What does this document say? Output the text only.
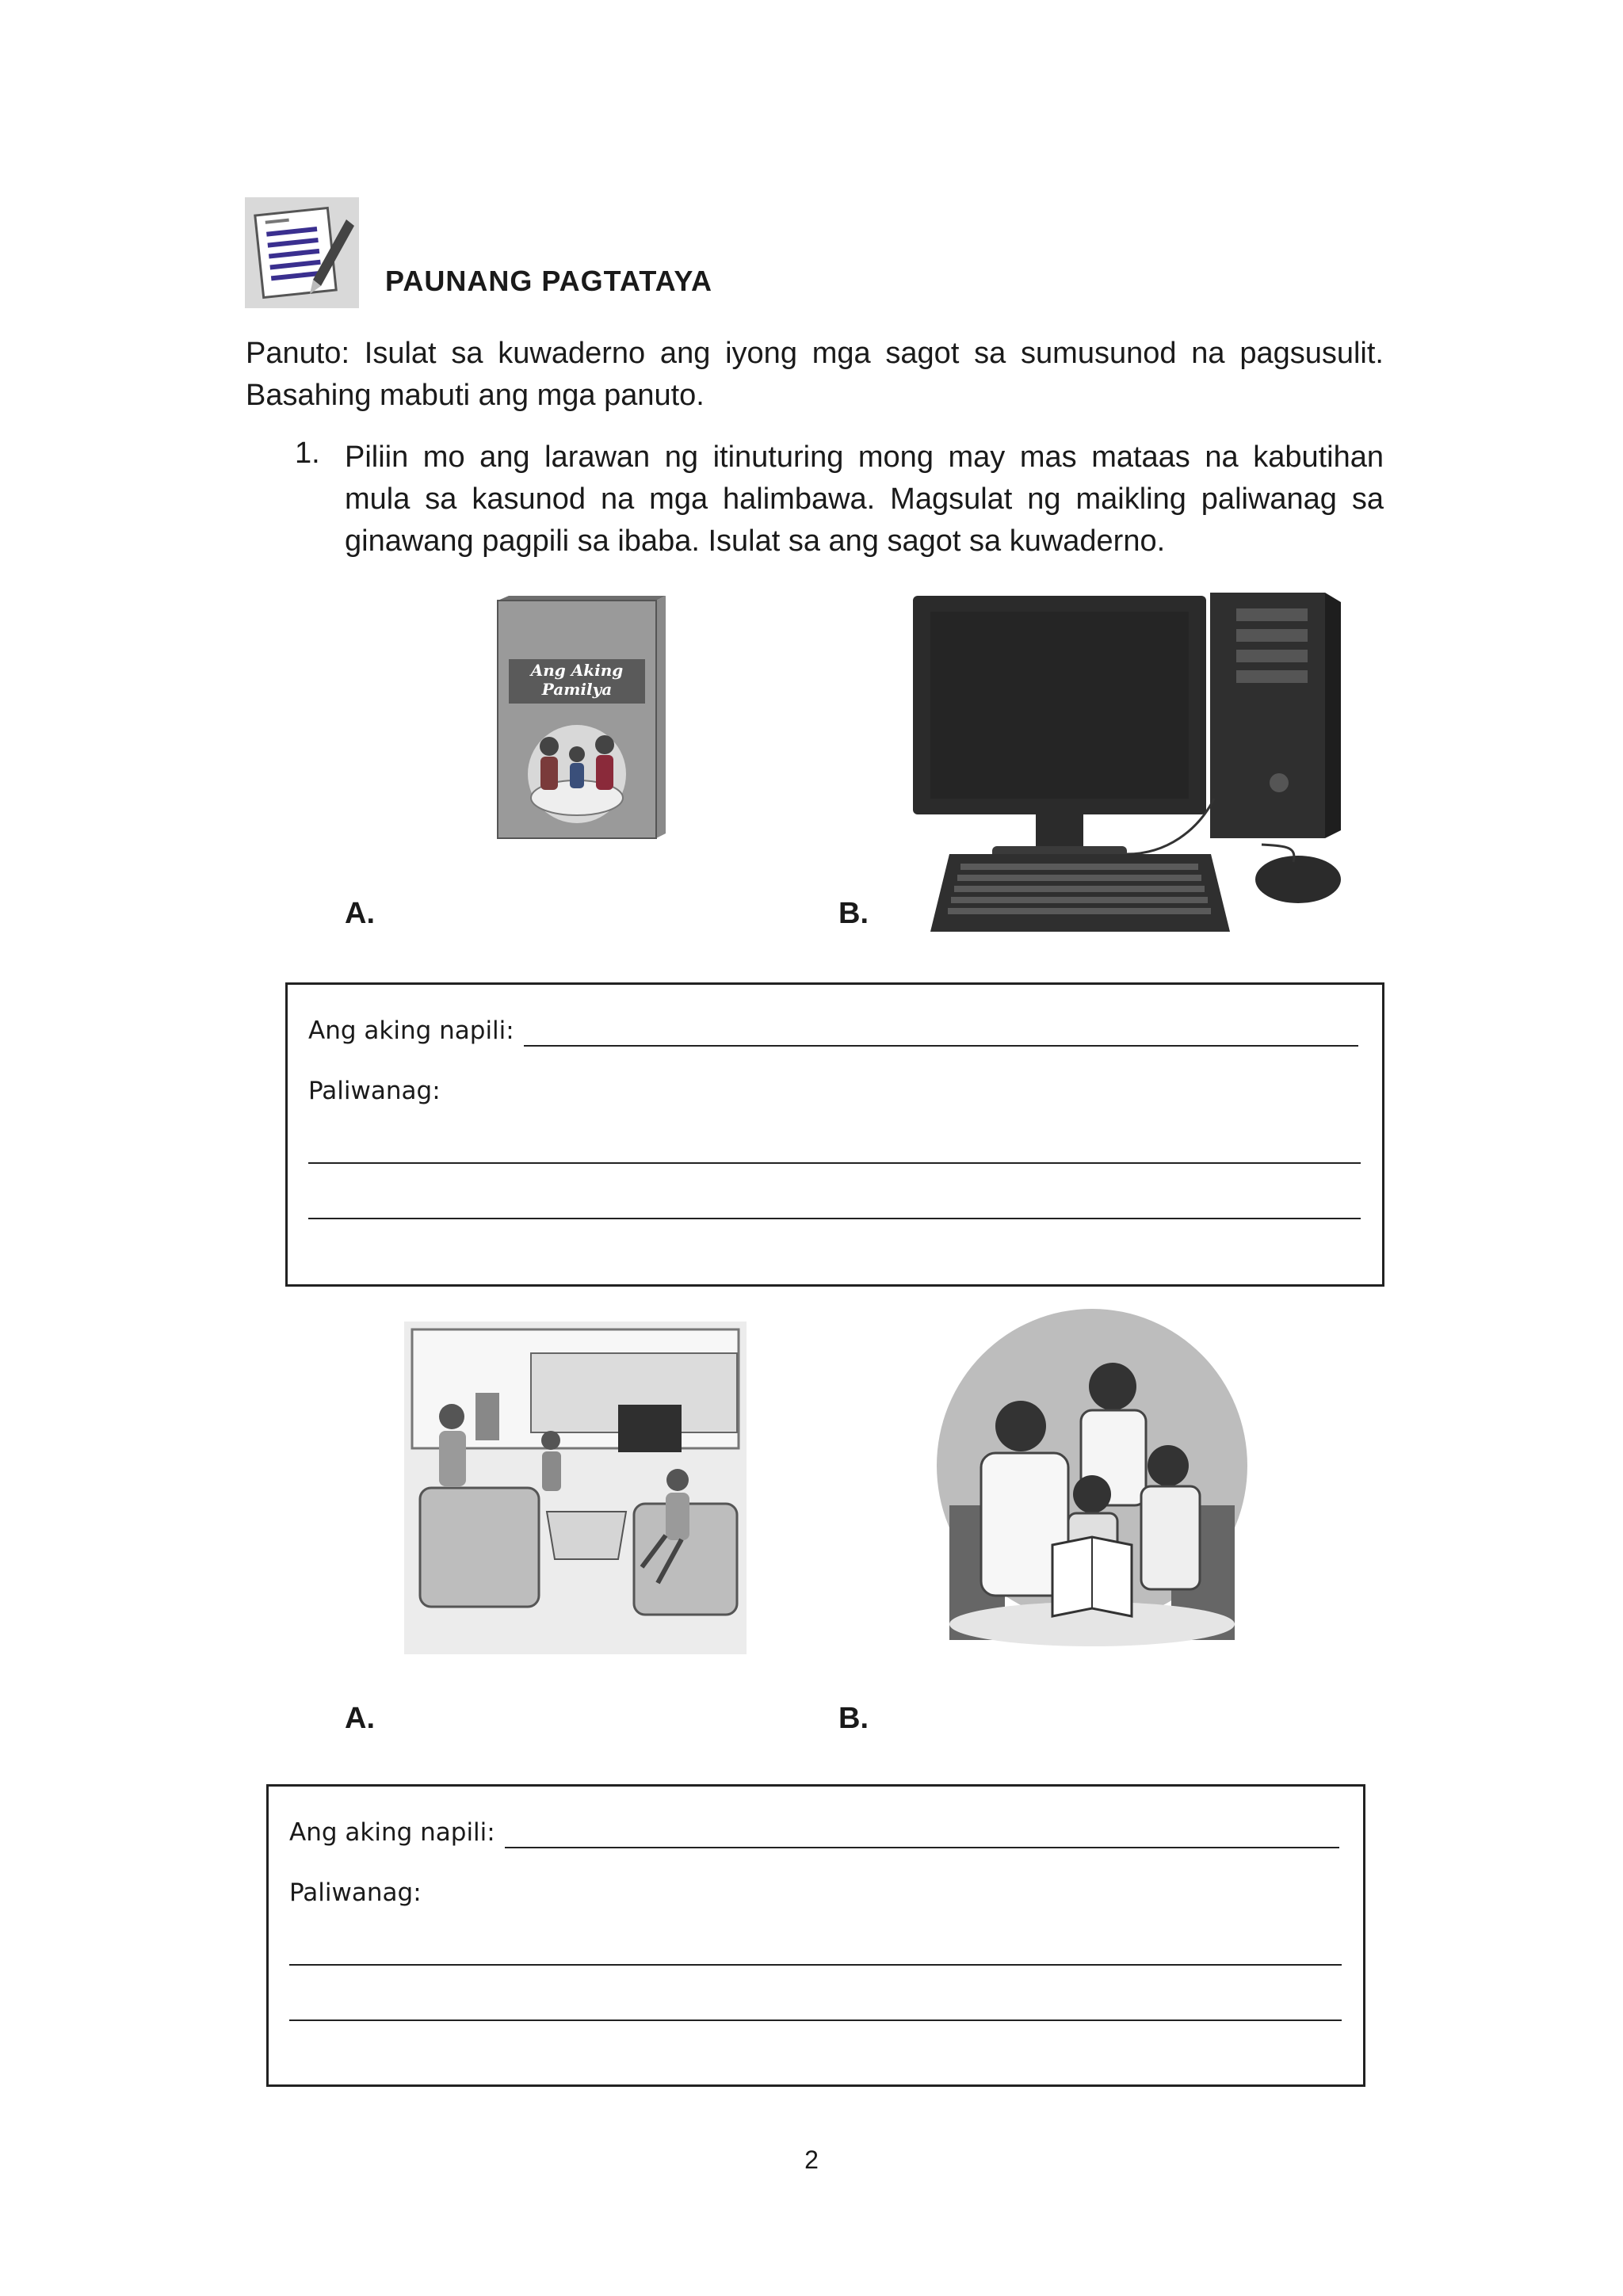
PAUNANG PAGTATAYA
Panuto: Isulat sa kuwaderno ang iyong mga sagot sa sumusunod na pagsusulit. Basahing mabuti ang mga panuto.
1. Piliin mo ang larawan ng itinuturing mong may mas mataas na kabutihan mula sa kasunod na mga halimbawa. Magsulat ng maikling paliwanag sa ginawang pagpili sa ibaba. Isulat sa ang sagot sa kuwaderno.
Ang Aking
Pamilya
A.	B.
Ang aking napili:
Paliwanag:
A.	B.
Ang aking napili:
Paliwanag:
2
